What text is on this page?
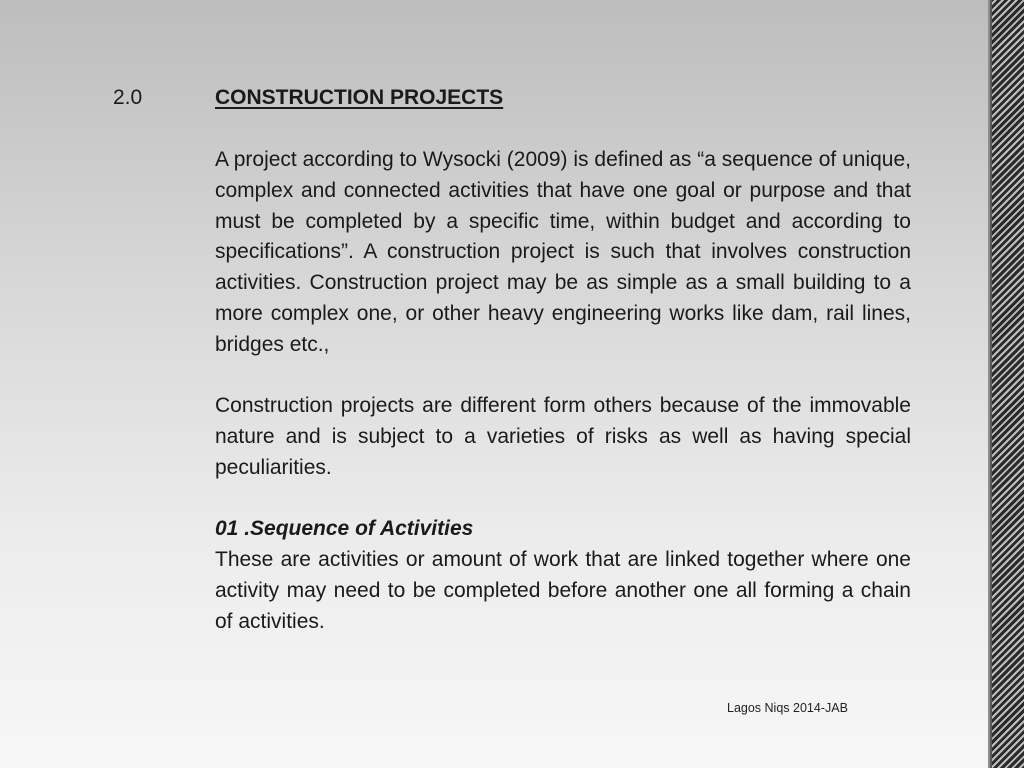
2.0	CONSTRUCTION PROJECTS

A project according to Wysocki (2009) is defined as “a sequence of unique, complex and connected activities that have one goal or purpose and that must be completed by a specific time, within budget and according to specifications”. A construction project is such that involves construction activities. Construction project may be as simple as a small building to a more complex one, or other heavy engineering works like dam, rail lines, bridges etc.,

Construction projects are different form others because of the immovable nature and is subject to a varieties of risks as well as having special peculiarities.

01 .Sequence of Activities

These are activities or amount of work that are linked together where one activity may need to be completed before another one all forming a chain of activities.

Lagos Niqs 2014-JAB
